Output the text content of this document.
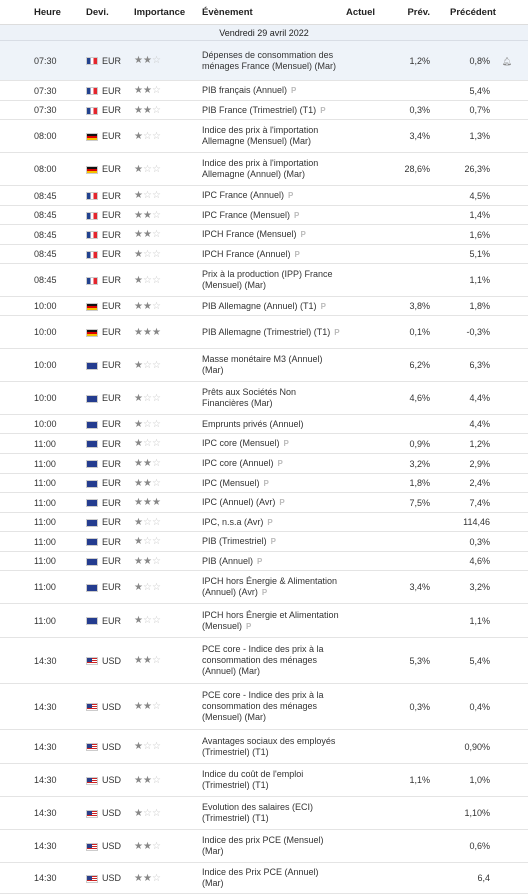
Heure	Devi.	Importance	Évènement	Actuel	Prév.	Précédent	
Vendredi 29 avril 2022							
07:30	EUR	★★☆	Dépenses de consommation des ménages France (Mensuel) (Mar)		1,2%	0,8%	🔔︎
07:30	EUR	★★☆	PIB français (Annuel) P			5,4%	
07:30	EUR	★★☆	PIB France (Trimestriel) (T1) P		0,3%	0,7%	
08:00	EUR	★☆☆	Indice des prix à l'importation Allemagne (Mensuel) (Mar)		3,4%	1,3%	
08:00	EUR	★☆☆	Indice des prix à l'importation Allemagne (Annuel) (Mar)		28,6%	26,3%	
08:45	EUR	★☆☆	IPC France (Annuel) P			4,5%	
08:45	EUR	★★☆	IPC France (Mensuel) P			1,4%	
08:45	EUR	★★☆	IPCH France (Mensuel) P			1,6%	
08:45	EUR	★☆☆	IPCH France (Annuel) P			5,1%	
08:45	EUR	★☆☆	Prix à la production (IPP) France (Mensuel) (Mar)			1,1%	
10:00	EUR	★★☆	PIB Allemagne (Annuel) (T1) P		3,8%	1,8%	
10:00	EUR	★★★	PIB Allemagne (Trimestriel) (T1) P		0,1%	-0,3%	
10:00	EUR	★☆☆	Masse monétaire M3 (Annuel) (Mar)		6,2%	6,3%	
10:00	EUR	★☆☆	Prêts aux Sociétés Non Financières (Mar)		4,6%	4,4%	
10:00	EUR	★☆☆	Emprunts privés (Annuel)			4,4%	
11:00	EUR	★☆☆	IPC core (Mensuel) P		0,9%	1,2%	
11:00	EUR	★★☆	IPC core (Annuel) P		3,2%	2,9%	
11:00	EUR	★★☆	IPC (Mensuel) P		1,8%	2,4%	
11:00	EUR	★★★	IPC (Annuel) (Avr) P		7,5%	7,4%	
11:00	EUR	★☆☆	IPC, n.s.a (Avr) P			114,46	
11:00	EUR	★☆☆	PIB (Trimestriel) P			0,3%	
11:00	EUR	★★☆	PIB (Annuel) P			4,6%	
11:00	EUR	★☆☆	IPCH hors Énergie & Alimentation (Annuel) (Avr) P		3,4%	3,2%	
11:00	EUR	★☆☆	IPCH hors Énergie et Alimentation (Mensuel) P			1,1%	
14:30	USD	★★☆	PCE core - Indice des prix à la consommation des ménages (Annuel) (Mar)		5,3%	5,4%	
14:30	USD	★★☆	PCE core - Indice des prix à la consommation des ménages (Mensuel) (Mar)		0,3%	0,4%	
14:30	USD	★☆☆	Avantages sociaux des employés (Trimestriel) (T1)			0,90%	
14:30	USD	★★☆	Indice du coût de l'emploi (Trimestriel) (T1)		1,1%	1,0%	
14:30	USD	★☆☆	Evolution des salaires (ECI) (Trimestriel) (T1)			1,10%	
14:30	USD	★★☆	Indice des prix PCE (Mensuel) (Mar)			0,6%	
14:30	USD	★★☆	Indice des Prix PCE (Annuel) (Mar)			6,4	
